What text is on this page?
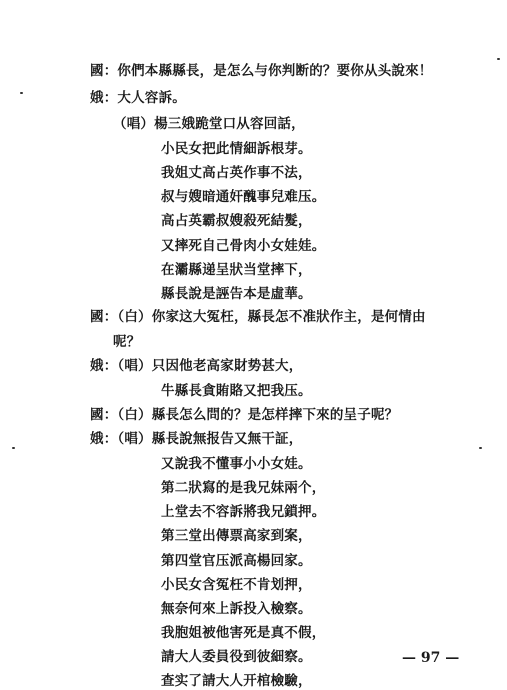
國：你們本縣縣長，是怎么与你判断的？要你从头說來！
娥：大人容訴。
（唱）楊三娥跪堂口从容回話，
小民女把此情細訴根芽。
我姐丈高占英作事不法，
叔与嫂暗通奸醜事兒难压。
高占英霸叔嫂殺死結髮，
又摔死自己骨肉小女娃娃。
在灞縣递呈狀当堂摔下，
縣長說是誣告本是虛華。
國：（白）你家这大冤枉，縣長怎不准狀作主，是何情由
呢？
娥：（唱）只因他老高家財势甚大，
牛縣長貪賄賂又把我压。
國：（白）縣長怎么問的？是怎样摔下來的呈子呢？
娥：（唱）縣長說無报告又無干証，
又說我不懂事小小女娃。
第二狀寫的是我兄妹兩个，
上堂去不容訴將我兄鎖押。
第三堂出傳票高家到案，
第四堂官压派高楊回家。
小民女含冤枉不肯划押，
無奈何來上訴投入檢察。
我胞姐被他害死是真不假，
請大人委員役到彼細察。
查实了請大人开棺檢驗，
— 97 —
